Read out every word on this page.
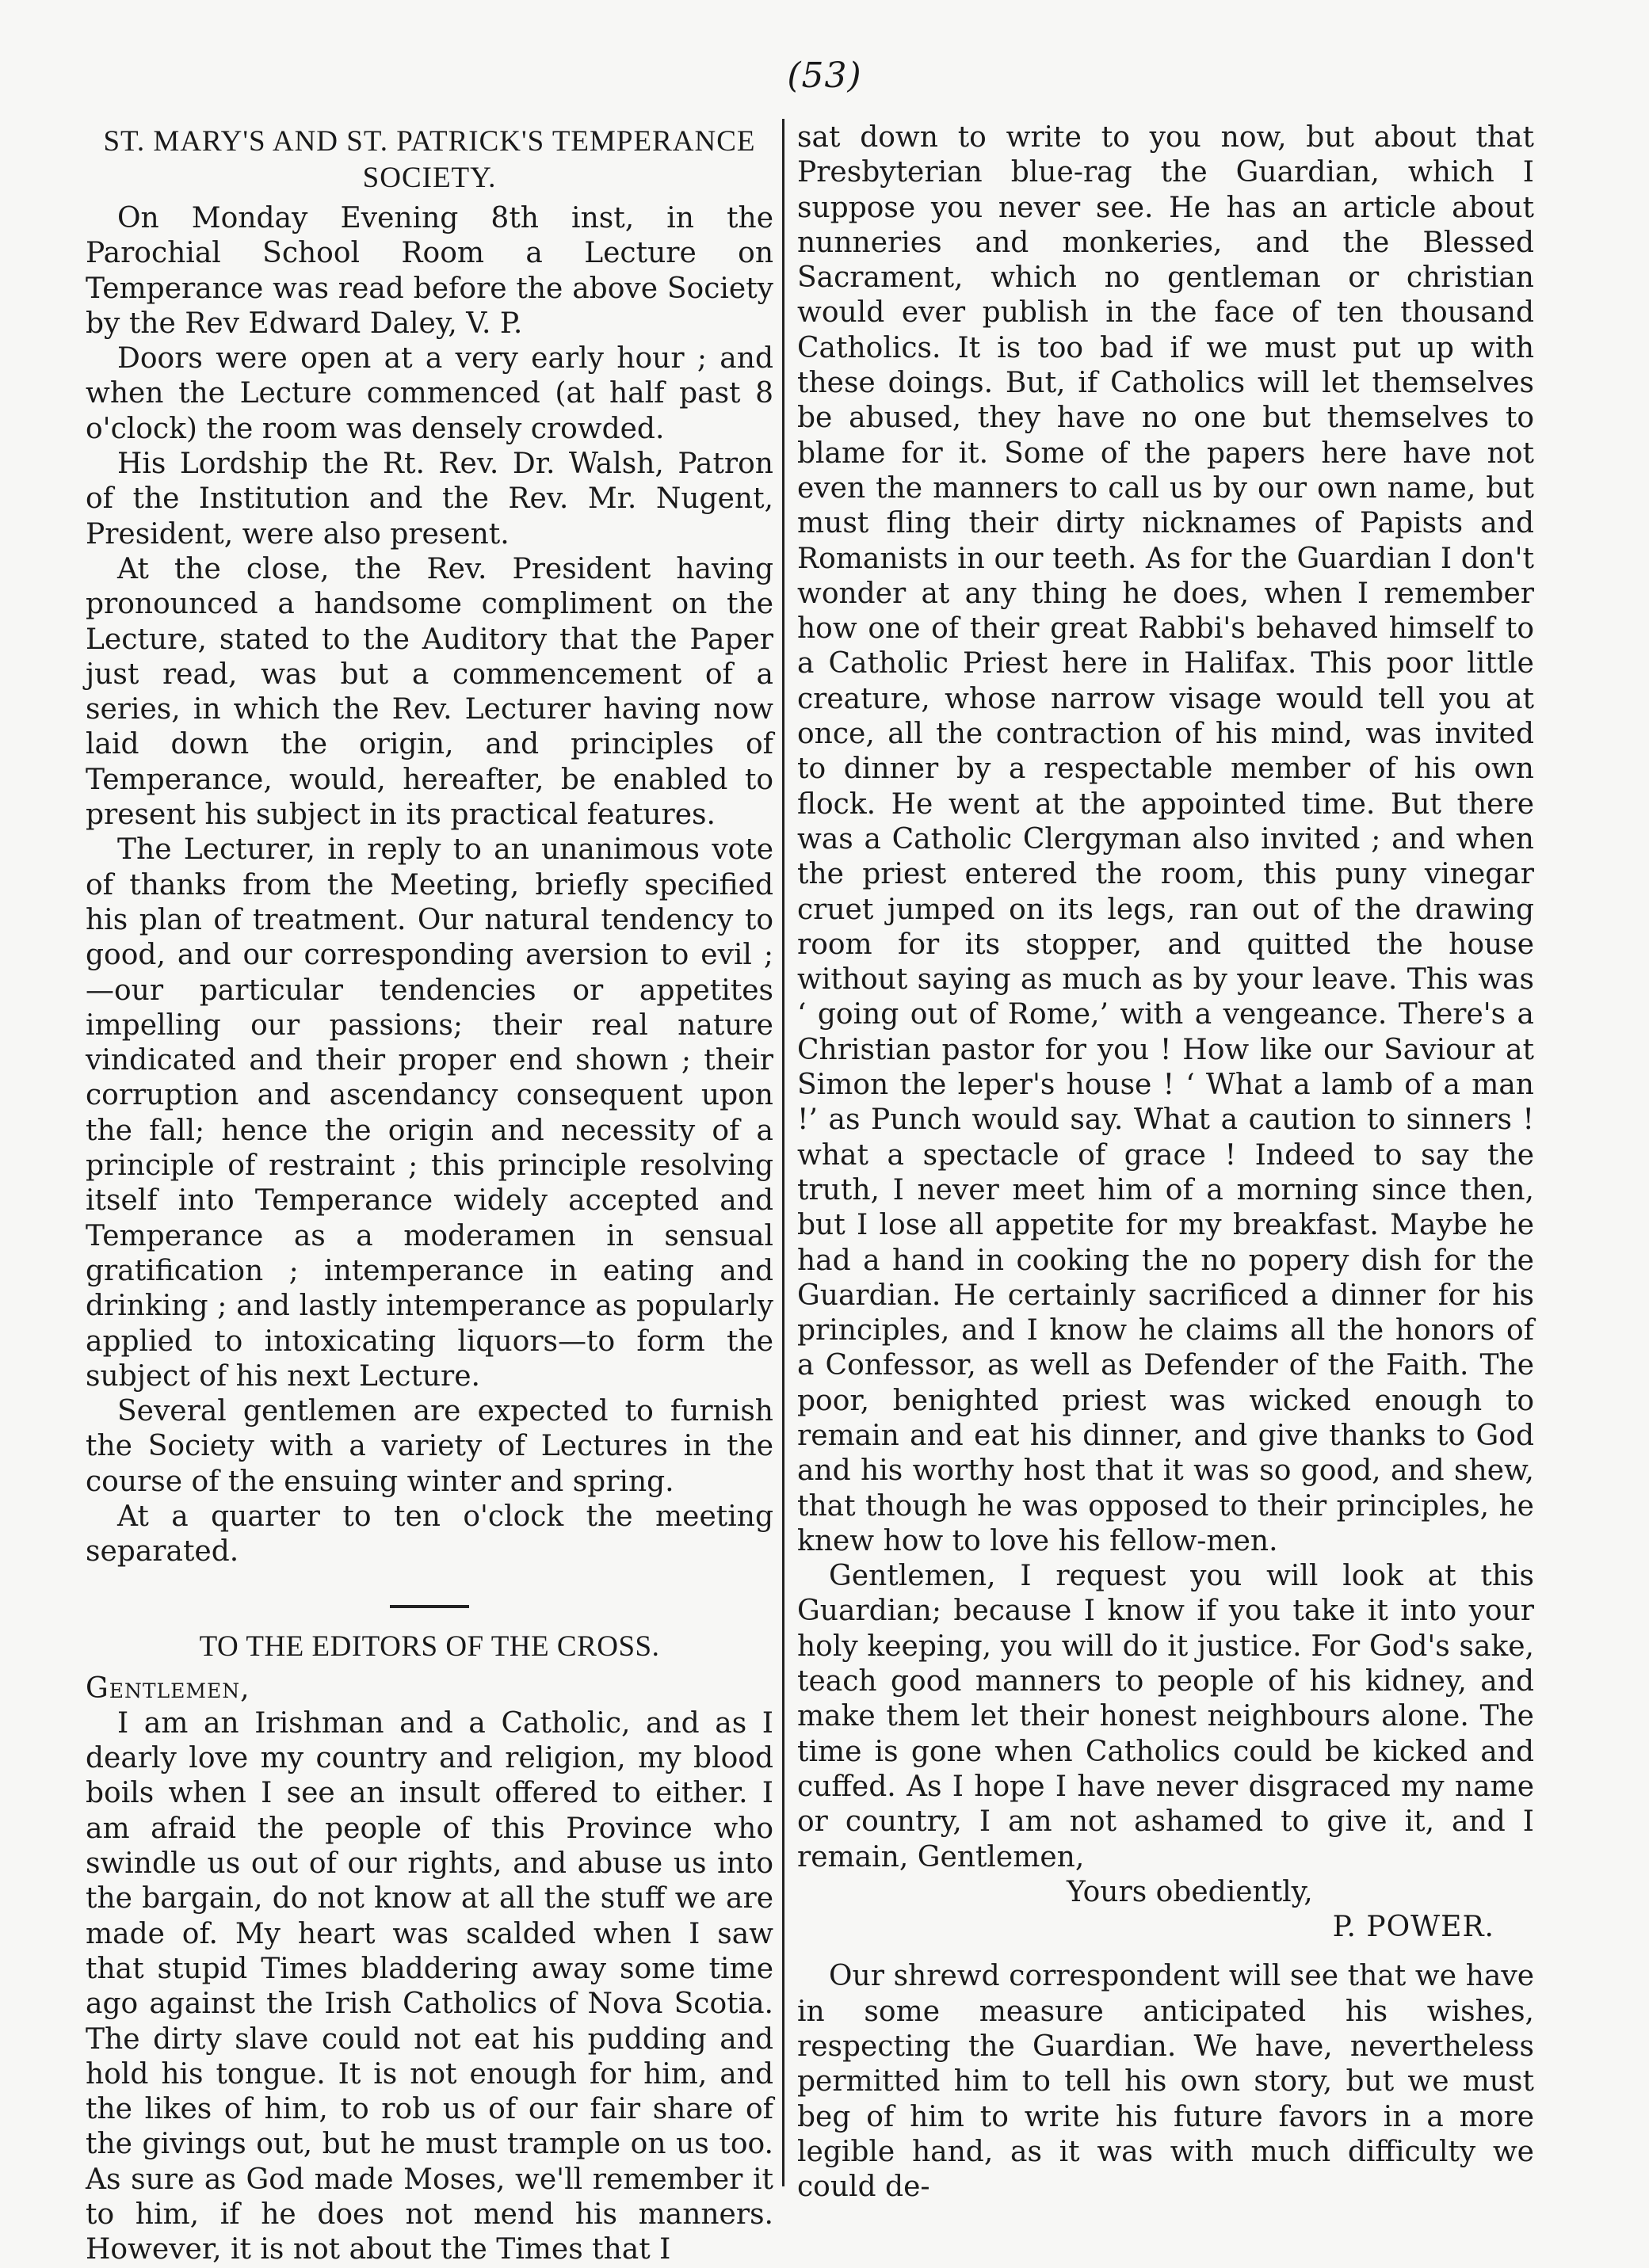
(53)
ST. MARY'S AND ST. PATRICK'S TEMPERANCE SOCIETY.

On Monday Evening 8th inst, in the Parochial School Room a Lecture on Temperance was read before the above Society by the Rev Edward Daley, V. P.

Doors were open at a very early hour ; and when the Lecture commenced (at half past 8 o'clock) the room was densely crowded.

His Lordship the Rt. Rev. Dr. Walsh, Patron of the Institution and the Rev. Mr. Nugent, President, were also present.

At the close, the Rev. President having pronounced a handsome compliment on the Lecture, stated to the Auditory that the Paper just read, was but a commencement of a series, in which the Rev. Lecturer having now laid down the origin, and principles of Temperance, would, hereafter, be enabled to present his subject in its practical features.

The Lecturer, in reply to an unanimous vote of thanks from the Meeting, briefly specified his plan of treatment. Our natural tendency to good, and our corresponding aversion to evil ;—our particular tendencies or appetites impelling our passions; their real nature vindicated and their proper end shown ; their corruption and ascendancy consequent upon the fall; hence the origin and necessity of a principle of restraint ; this principle resolving itself into Temperance widely accepted and Temperance as a moderamen in sensual gratification ; intemperance in eating and drinking ; and lastly intemperance as popularly applied to intoxicating liquors—to form the subject of his next Lecture.

Several gentlemen are expected to furnish the Society with a variety of Lectures in the course of the ensuing winter and spring.

At a quarter to ten o'clock the meeting separated.

TO THE EDITORS OF THE CROSS.

Gentlemen,

I am an Irishman and a Catholic, and as I dearly love my country and religion, my blood boils when I see an insult offered to either. I am afraid the people of this Province who swindle us out of our rights, and abuse us into the bargain, do not know at all the stuff we are made of. My heart was scalded when I saw that stupid Times bladdering away some time ago against the Irish Catholics of Nova Scotia. The dirty slave could not eat his pudding and hold his tongue. It is not enough for him, and the likes of him, to rob us of our fair share of the givings out, but he must trample on us too. As sure as God made Moses, we'll remember it to him, if he does not mend his manners. However, it is not about the Times that I

sat down to write to you now, but about that Presbyterian blue-rag the Guardian, which I suppose you never see. He has an article about nunneries and monkeries, and the Blessed Sacrament, which no gentleman or christian would ever publish in the face of ten thousand Catholics. It is too bad if we must put up with these doings. But, if Catholics will let themselves be abused, they have no one but themselves to blame for it. Some of the papers here have not even the manners to call us by our own name, but must fling their dirty nicknames of Papists and Romanists in our teeth. As for the Guardian I don't wonder at any thing he does, when I remember how one of their great Rabbi's behaved himself to a Catholic Priest here in Halifax. This poor little creature, whose narrow visage would tell you at once, all the contraction of his mind, was invited to dinner by a respectable member of his own flock. He went at the appointed time. But there was a Catholic Clergyman also invited ; and when the priest entered the room, this puny vinegar cruet jumped on its legs, ran out of the drawing room for its stopper, and quitted the house without saying as much as by your leave. This was ‘ going out of Rome,’ with a vengeance. There's a Christian pastor for you ! How like our Saviour at Simon the leper's house ! ‘ What a lamb of a man !’ as Punch would say. What a caution to sinners ! what a spectacle of grace ! Indeed to say the truth, I never meet him of a morning since then, but I lose all appetite for my breakfast. Maybe he had a hand in cooking the no popery dish for the Guardian. He certainly sacrificed a dinner for his principles, and I know he claims all the honors of a Confessor, as well as Defender of the Faith. The poor, benighted priest was wicked enough to remain and eat his dinner, and give thanks to God and his worthy host that it was so good, and shew, that though he was opposed to their principles, he knew how to love his fellow-men.

Gentlemen, I request you will look at this Guardian; because I know if you take it into your holy keeping, you will do it justice. For God's sake, teach good manners to people of his kidney, and make them let their honest neighbours alone. The time is gone when Catholics could be kicked and cuffed. As I hope I have never disgraced my name or country, I am not ashamed to give it, and I remain, Gentlemen,

Yours obediently,

P. POWER.

Our shrewd correspondent will see that we have in some measure anticipated his wishes, respecting the Guardian. We have, nevertheless permitted him to tell his own story, but we must beg of him to write his future favors in a more legible hand, as it was with much difficulty we could de-
